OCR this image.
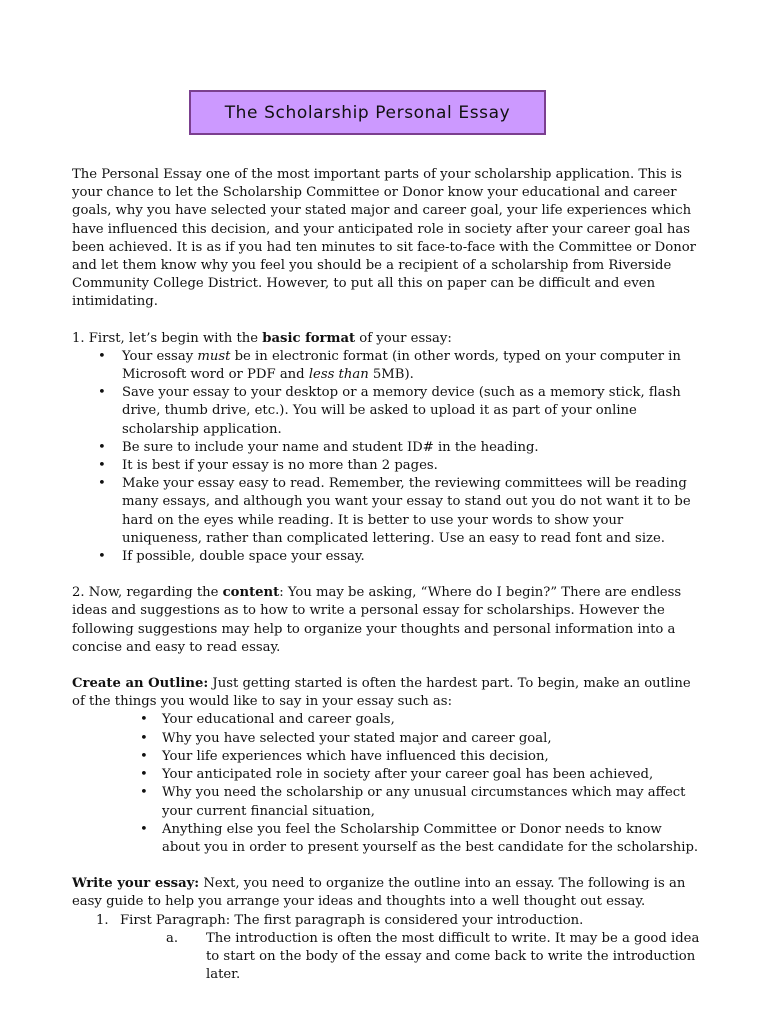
The Scholarship Personal Essay

The Personal Essay one of the most important parts of your scholarship application. This is your chance to let the Scholarship Committee or Donor know your educational and career goals, why you have selected your stated major and career goal, your life experiences which have influenced this decision, and your anticipated role in society after your career goal has been achieved. It is as if you had ten minutes to sit face-to-face with the Committee or Donor and let them know why you feel you should be a recipient of a scholarship from Riverside Community College District. However, to put all this on paper can be difficult and even intimidating.

1. First, let’s begin with the basic format of your essay:

• Your essay must be in electronic format (in other words, typed on your computer in Microsoft word or PDF and less than 5MB).
• Save your essay to your desktop or a memory device (such as a memory stick, flash drive, thumb drive, etc.). You will be asked to upload it as part of your online scholarship application.
• Be sure to include your name and student ID# in the heading.
• It is best if your essay is no more than 2 pages.
• Make your essay easy to read. Remember, the reviewing committees will be reading many essays, and although you want your essay to stand out you do not want it to be hard on the eyes while reading. It is better to use your words to show your uniqueness, rather than complicated lettering. Use an easy to read font and size.
• If possible, double space your essay.

2. Now, regarding the content: You may be asking, “Where do I begin?” There are endless ideas and suggestions as to how to write a personal essay for scholarships. However the following suggestions may help to organize your thoughts and personal information into a concise and easy to read essay.

Create an Outline: Just getting started is often the hardest part. To begin, make an outline of the things you would like to say in your essay such as:

• Your educational and career goals,
• Why you have selected your stated major and career goal,
• Your life experiences which have influenced this decision,
• Your anticipated role in society after your career goal has been achieved,
• Why you need the scholarship or any unusual circumstances which may affect your current financial situation,
• Anything else you feel the Scholarship Committee or Donor needs to know about you in order to present yourself as the best candidate for the scholarship.

Write your essay: Next, you need to organize the outline into an essay. The following is an easy guide to help you arrange your ideas and thoughts into a well thought out essay.

1. First Paragraph: The first paragraph is considered your introduction.
a. The introduction is often the most difficult to write. It may be a good idea to start on the body of the essay and come back to write the introduction later.
